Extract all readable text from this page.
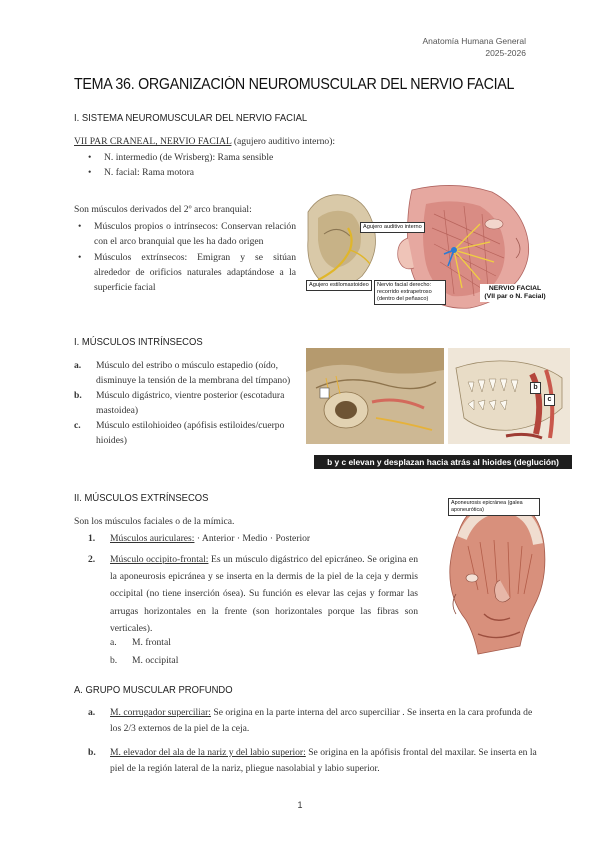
Anatomía Humana General
2025-2026
TEMA 36. ORGANIZACIÓN NEUROMUSCULAR DEL NERVIO FACIAL
I. SISTEMA NEUROMUSCULAR DEL NERVIO FACIAL
VII PAR CRANEAL, NERVIO FACIAL (agujero auditivo interno):
• N. intermedio (de Wrisberg): Rama sensible
• N. facial: Rama motora
Son músculos derivados del 2º arco branquial:
• Músculos propios o intrínsecos: Conservan relación con el arco branquial que les ha dado origen
• Músculos extrínsecos: Emigran y se sitúan alrededor de orificios naturales adaptándose a la superficie facial
Agujero auditivo interno
Agujero estilomastoideo	Nervio facial derecho: recorrido extrapetroso (dentro del peñasco)
NERVIO FACIAL
(VII par o N. Facial)
I. MÚSCULOS INTRÍNSECOS
a. Músculo del estribo o músculo estapedio (oído, disminuye la tensión de la membrana del tímpano)
b. Músculo digástrico, vientre posterior (escotadura mastoidea)
c. Músculo estilohioideo (apófisis estiloides/cuerpo hioides)
b
c
b y c elevan y desplazan hacia atrás al hioides (deglución)
II. MÚSCULOS EXTRÍNSECOS
Son los músculos faciales o de la mímica.
1. Músculos auriculares: · Anterior · Medio · Posterior
2. Músculo occipito-frontal: Es un músculo digástrico del epicráneo. Se origina en la aponeurosis epicránea y se inserta en la dermis de la piel de la ceja y dermis occipital (no tiene inserción ósea). Su función es elevar las cejas y formar las arrugas horizontales en la frente (son horizontales porque las fibras son verticales).
a. M. frontal
b. M. occipital
Aponeurosis epicránea (galea aponeurótica)
A. GRUPO MUSCULAR PROFUNDO
a. M. corrugador superciliar: Se origina en la parte interna del arco superciliar . Se inserta en la cara profunda de los 2/3 externos de la piel de la ceja.
b. M. elevador del ala de la nariz y del labio superior: Se origina en la apófisis frontal del maxilar. Se inserta en la piel de la región lateral de la nariz, pliegue nasolabial y labio superior.
1
